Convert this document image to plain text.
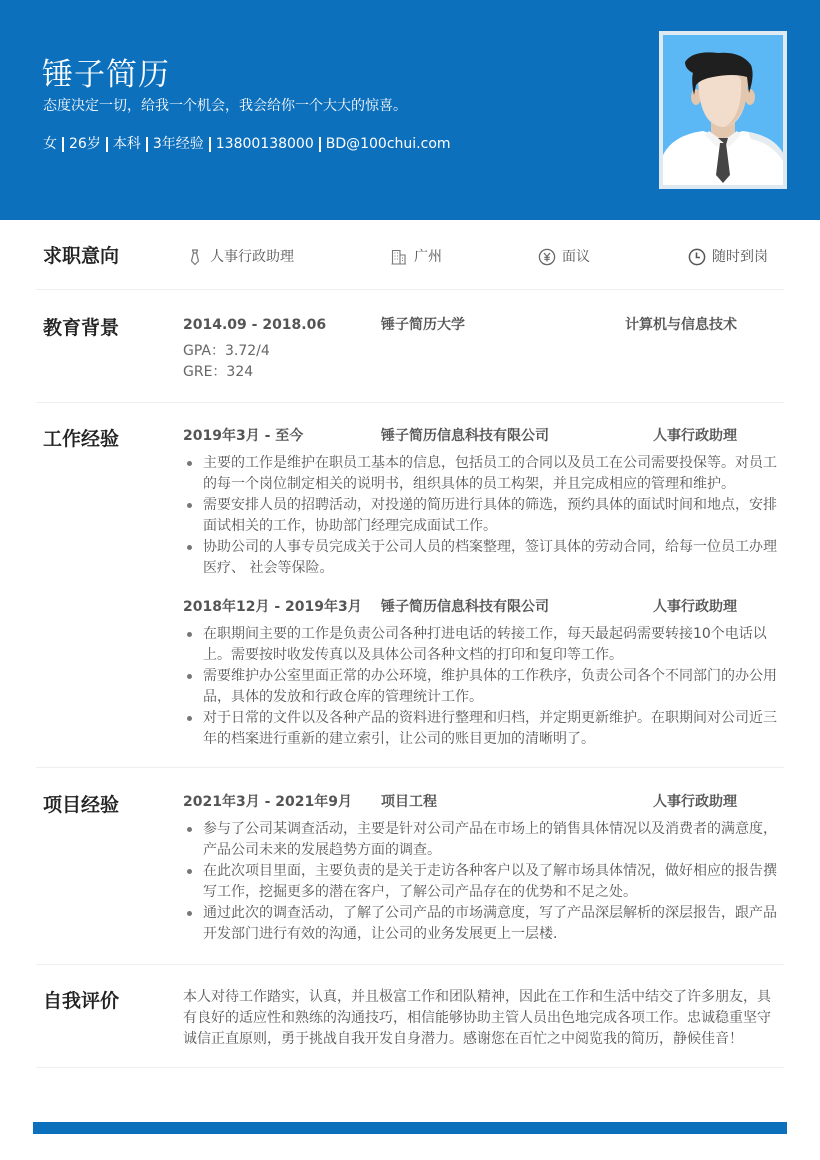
锤子简历
态度决定一切，给我一个机会，我会给你一个大大的惊喜。
女 26岁 本科 3年经验 13800138000 BD@100chui.com
求职意向	人事行政助理	广州	面议	随时到岗
教育背景	2014.09 - 2018.06	锤子简历大学	计算机与信息技术
GPA：3.72/4
GRE：324
工作经验	2019年3月 - 至今	锤子简历信息科技有限公司	人事行政助理
主要的工作是维护在职员工基本的信息，包括员工的合同以及员工在公司需要投保等。对员工的每一个岗位制定相关的说明书，组织具体的员工构架，并且完成相应的管理和维护。
需要安排人员的招聘活动，对投递的简历进行具体的筛选，预约具体的面试时间和地点，安排面试相关的工作，协助部门经理完成面试工作。
协助公司的人事专员完成关于公司人员的档案整理，签订具体的劳动合同，给每一位员工办理医疗、 社会等保险。
2018年12月 - 2019年3月 锤子简历信息科技有限公司	人事行政助理
在职期间主要的工作是负责公司各种打进电话的转接工作，每天最起码需要转接10个电话以上。需要按时收发传真以及具体公司各种文档的打印和复印等工作。
需要维护办公室里面正常的办公环境，维护具体的工作秩序，负责公司各个不同部门的办公用品，具体的发放和行政仓库的管理统计工作。
对于日常的文件以及各种产品的资料进行整理和归档，并定期更新维护。在职期间对公司近三年的档案进行重新的建立索引，让公司的账目更加的清晰明了。
项目经验	2021年3月 - 2021年9月 项目工程	人事行政助理
参与了公司某调查活动，主要是针对公司产品在市场上的销售具体情况以及消费者的满意度，产品公司未来的发展趋势方面的调查。
在此次项目里面，主要负责的是关于走访各种客户以及了解市场具体情况，做好相应的报告撰写工作，挖掘更多的潜在客户，了解公司产品存在的优势和不足之处。
通过此次的调查活动，了解了公司产品的市场满意度，写了产品深层解析的深层报告，跟产品开发部门进行有效的沟通，让公司的业务发展更上一层楼.
自我评价	本人对待工作踏实，认真，并且极富工作和团队精神，因此在工作和生活中结交了许多朋友，具有良好的适应性和熟练的沟通技巧，相信能够协助主管人员出色地完成各项工作。忠诚稳重坚守诚信正直原则，勇于挑战自我开发自身潜力。感谢您在百忙之中阅览我的简历，静候佳音！
